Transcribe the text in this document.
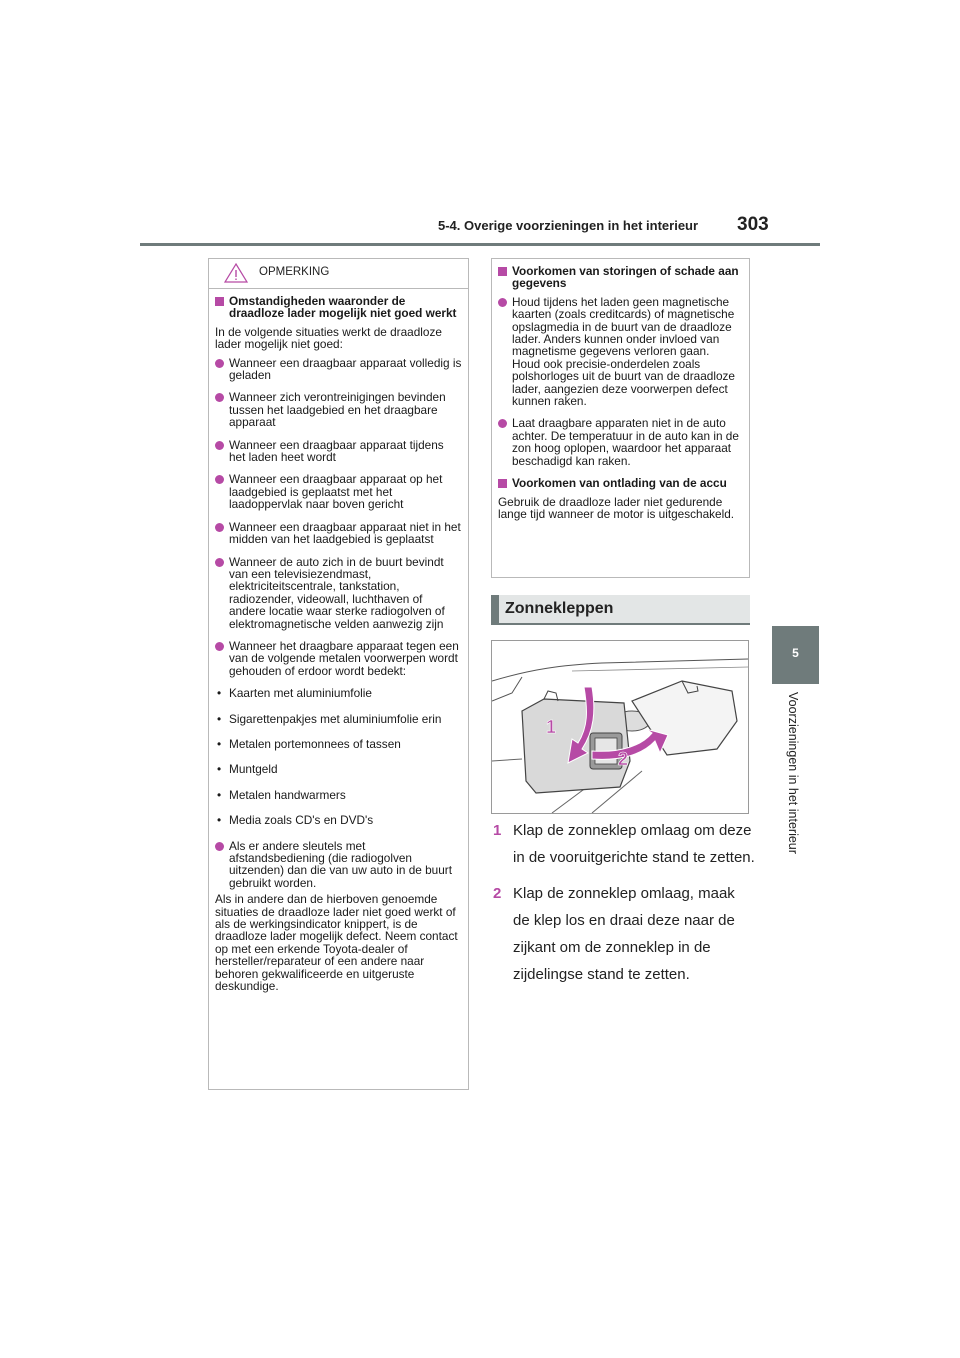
5-4. Overige voorzieningen in het interieur 303
5
Voorzieningen in het interieur
OPMERKING
Omstandigheden waaronder de draadloze lader mogelijk niet goed werkt

In de volgende situaties werkt de draadloze lader mogelijk niet goed:

Wanneer een draagbaar apparaat volledig is geladen
Wanneer zich verontreinigingen bevinden tussen het laadgebied en het draagbare apparaat
Wanneer een draagbaar apparaat tijdens het laden heet wordt
Wanneer een draagbaar apparaat op het laadgebied is geplaatst met het laadoppervlak naar boven gericht
Wanneer een draagbaar apparaat niet in het midden van het laadgebied is geplaatst
Wanneer de auto zich in de buurt bevindt van een televisiezendmast, elektriciteitscentrale, tankstation, radiozender, videowall, luchthaven of andere locatie waar sterke radiogolven of elektromagnetische velden aanwezig zijn
Wanneer het draagbare apparaat tegen een van de volgende metalen voorwerpen wordt gehouden of erdoor wordt bedekt:
• Kaarten met aluminiumfolie
• Sigarettenpakjes met aluminiumfolie erin
• Metalen portemonnees of tassen
• Muntgeld
• Metalen handwarmers
• Media zoals CD's en DVD's
Als er andere sleutels met afstandsbediening (die radiogolven uitzenden) dan die van uw auto in de buurt gebruikt worden.

Als in andere dan de hierboven genoemde situaties de draadloze lader niet goed werkt of als de werkingsindicator knippert, is de draadloze lader mogelijk defect. Neem contact op met een erkende Toyota-dealer of hersteller/reparateur of een andere naar behoren gekwalificeerde en uitgeruste deskundige.

Voorkomen van storingen of schade aan gegevens
Houd tijdens het laden geen magnetische kaarten (zoals creditcards) of magnetische opslagmedia in de buurt van de draadloze lader. Anders kunnen onder invloed van magnetisme gegevens verloren gaan.
Houd ook precisie-onderdelen zoals polshorloges uit de buurt van de draadloze lader, aangezien deze voorwerpen defect kunnen raken.
Laat draagbare apparaten niet in de auto achter. De temperatuur in de auto kan in de zon hoog oplopen, waardoor het apparaat beschadigd kan raken.
Voorkomen van ontlading van de accu

Gebruik de draadloze lader niet gedurende lange tijd wanneer de motor is uitgeschakeld.

Zonnekleppen
1
2
1 Klap de zonneklep omlaag om deze in de vooruitgerichte stand te zetten.
2 Klap de zonneklep omlaag, maak de klep los en draai deze naar de zijkant om de zonneklep in de zijdelingse stand te zetten.
